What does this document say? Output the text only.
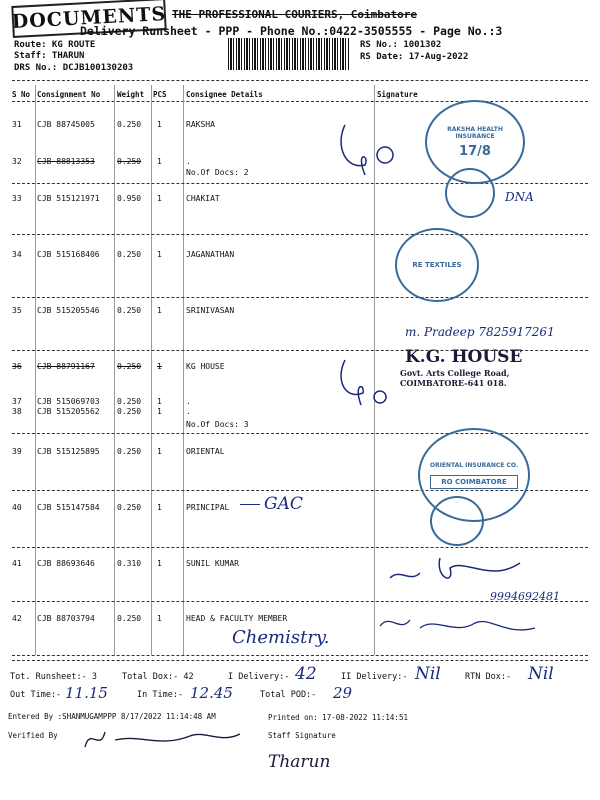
DOCUMENTS THE PROFESSIONAL COURIERS, Coimbatore
Delivery Runsheet - PPP - Phone No.:0422-3505555 - Page No.:3
Route: KG ROUTE
Staff: THARUN
DRS No.: DCJB100130203
RS No.: 1001302
RS Date: 17-Aug-2022
S No Consignment No Weight PCS	Consignee Details	Signature
31 CJB 88745005	0.250 1	RAKSHA
32 CJB 88813353	0.250 1	.
No.Of Docs: 2
33 CJB 515121971 0.950 1	CHAKIAT
34 CJB 515168406 0.250 1	JAGANATHAN
35 CJB 515205546 0.250 1	SRINIVASAN
36 CJB 88791167	0.250 1	KG HOUSE
37 CJB 515069703 0.250 1	.
38 CJB 515205562 0.250 1	.
No.Of Docs: 3
39 CJB 515125895 0.250 1	ORIENTAL
40 CJB 515147584 0.250 1	PRINCIPAL	GAC
41 CJB 88693646	0.310 1	SUNIL KUMAR
42 CJB 88703794	0.250 1	HEAD & FACULTY MEMBER
Chemistry.
RAKSHA HEALTH INSURANCE
17/8
DNA
RE TEXTILES
m. Pradeep 7825917261
K.G. HOUSE
Govt. Arts College Road, COIMBATORE-641 018.
ORIENTAL INSURANCE CO.
RO COIMBATORE
9994692481
Tot. Runsheet:- 3	Total Dox:- 42	I Delivery:- 42	II Delivery:- Nil	RTN Dox:- Nil
Out Time:- 11.15	In Time:- 12.45	Total POD:- 29
Entered By :SHANMUGAMPPP 8/17/2022 11:14:48 AM	Printed on: 17-08-2022 11:14:51
Verified By	Staff Signature
Tharun
